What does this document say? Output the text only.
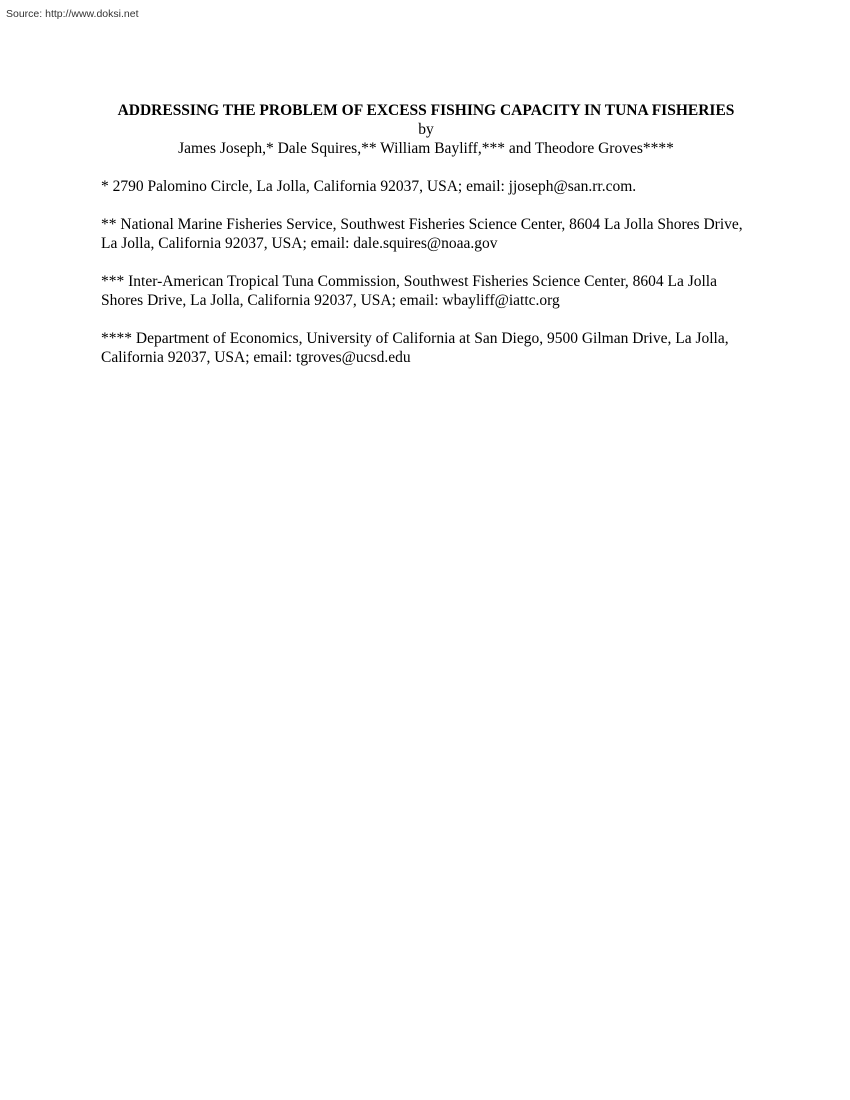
Source: http://www.doksi.net
ADDRESSING THE PROBLEM OF EXCESS FISHING CAPACITY IN TUNA FISHERIES

by

James Joseph,* Dale Squires,** William Bayliff,*** and Theodore Groves****

* 2790 Palomino Circle, La Jolla, California 92037, USA; email: jjoseph@san.rr.com.

** National Marine Fisheries Service, Southwest Fisheries Science Center, 8604 La Jolla Shores Drive, La Jolla, California 92037, USA; email: dale.squires@noaa.gov

*** Inter-American Tropical Tuna Commission, Southwest Fisheries Science Center, 8604 La Jolla Shores Drive, La Jolla, California 92037, USA; email: wbayliff@iattc.org

**** Department of Economics, University of California at San Diego, 9500 Gilman Drive, La Jolla, California 92037, USA; email: tgroves@ucsd.edu
